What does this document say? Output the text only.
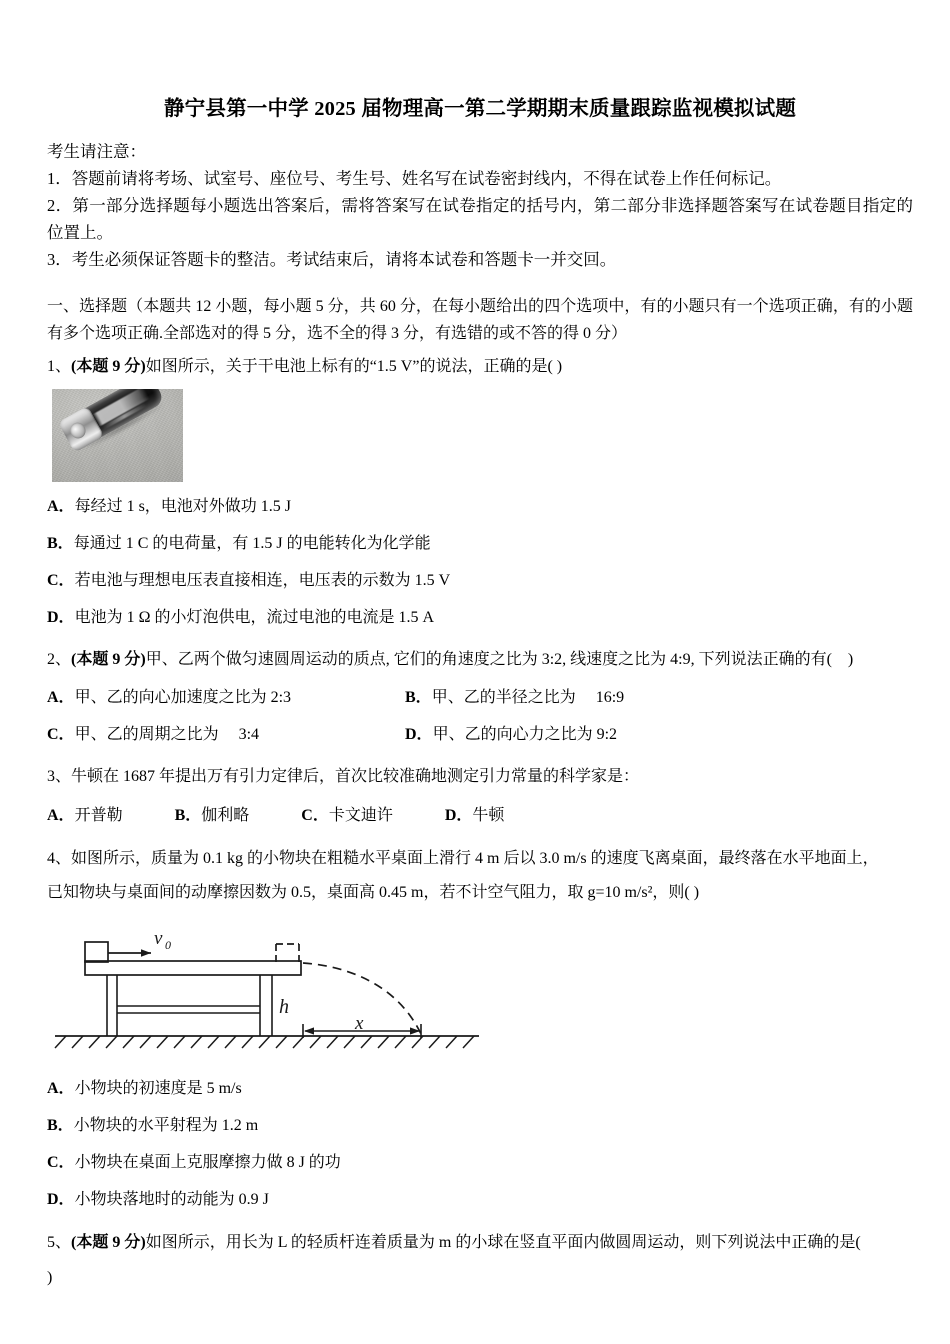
静宁县第一中学 2025 届物理高一第二学期期末质量跟踪监视模拟试题

考生请注意：

1．答题前请将考场、试室号、座位号、考生号、姓名写在试卷密封线内，不得在试卷上作任何标记。

2．第一部分选择题每小题选出答案后，需将答案写在试卷指定的括号内，第二部分非选择题答案写在试卷题目指定的位置上。

3．考生必须保证答题卡的整洁。考试结束后，请将本试卷和答题卡一并交回。

一、选择题（本题共 12 小题，每小题 5 分，共 60 分，在每小题给出的四个选项中，有的小题只有一个选项正确，有的小题有多个选项正确.全部选对的得 5 分，选不全的得 3 分，有选错的或不答的得 0 分）

1、(本题 9 分)如图所示，关于干电池上标有的“1.5 V”的说法，正确的是( )

A．每经过 1 s，电池对外做功 1.5 J

B．每通过 1 C 的电荷量，有 1.5 J 的电能转化为化学能

C．若电池与理想电压表直接相连，电压表的示数为 1.5 V

D．电池为 1 Ω 的小灯泡供电，流过电池的电流是 1.5 A

2、(本题 9 分)甲、乙两个做匀速圆周运动的质点, 它们的角速度之比为 3:2, 线速度之比为 4:9, 下列说法正确的有(　)

A．甲、乙的向心加速度之比为 2:3	B．甲、乙的半径之比为　 16:9
C．甲、乙的周期之比为　 3:4	D．甲、乙的向心力之比为 9:2

3、牛顿在 1687 年提出万有引力定律后，首次比较准确地测定引力常量的科学家是：

A．开普勒	B．伽利略	C．卡文迪许	D．牛顿

4、如图所示，质量为 0.1 kg 的小物块在粗糙水平桌面上滑行 4 m 后以 3.0 m/s 的速度飞离桌面，最终落在水平地面上，

已知物块与桌面间的动摩擦因数为 0.5，桌面高 0.45 m，若不计空气阻力，取 g=10 m/s²，则( )

v 0
h
x

A．小物块的初速度是 5 m/s

B．小物块的水平射程为 1.2 m

C．小物块在桌面上克服摩擦力做 8 J 的功

D．小物块落地时的动能为 0.9 J

5、(本题 9 分)如图所示，用长为 L 的轻质杆连着质量为 m 的小球在竖直平面内做圆周运动，则下列说法中正确的是(

)
